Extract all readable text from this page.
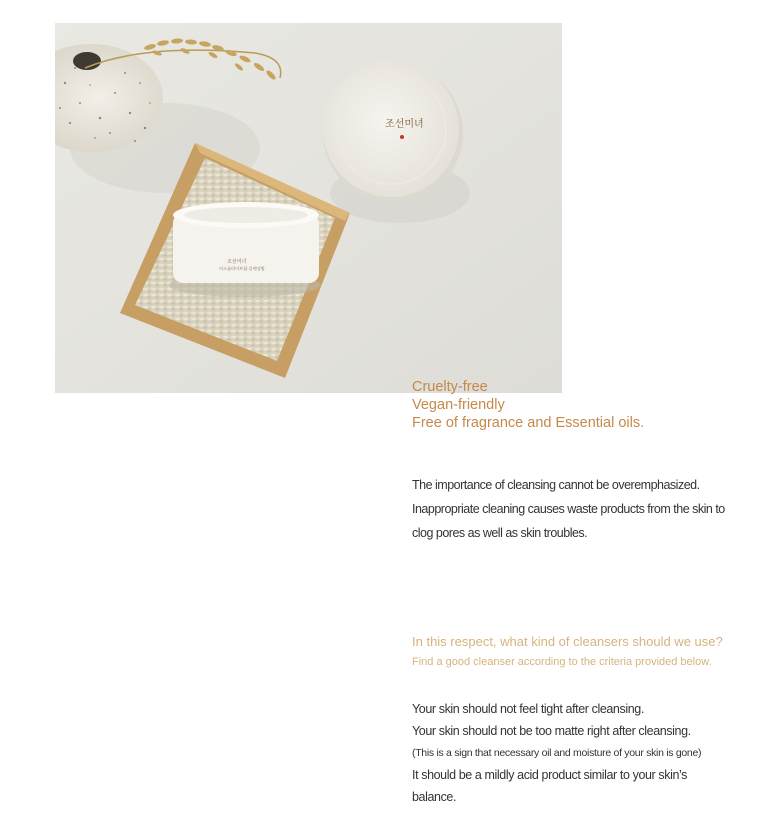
조선미녀
조선미녀
어스름라이트립 클렌징밤
Cruelty-free
Vegan-friendly
Free of fragrance and Essential oils.
The importance of cleansing cannot be overemphasized.
Inappropriate cleaning causes waste products from the skin to
clog pores as well as skin troubles.
In this respect, what kind of cleansers should we use?
Find a good cleanser according to the criteria provided below.
Your skin should not feel tight after cleansing.
Your skin should not be too matte right after cleansing.
(This is a sign that necessary oil and moisture of your skin is gone)
It should be a mildly acid product similar to your skin’s
balance.
